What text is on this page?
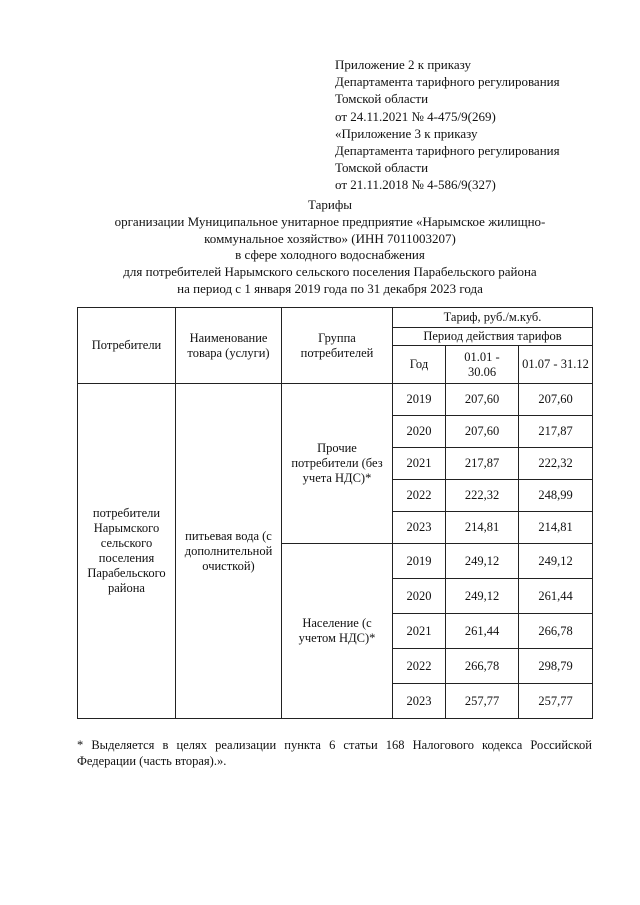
Приложение 2 к приказу
Департамента тарифного регулирования
Томской области
от 24.11.2021 № 4-475/9(269)
«Приложение 3 к приказу
Департамента тарифного регулирования
Томской области
от 21.11.2018 № 4-586/9(327)
Тарифы
организации Муниципальное унитарное предприятие «Нарымское жилищно-
коммунальное хозяйство» (ИНН 7011003207)
в сфере холодного водоснабжения
для потребителей Нарымского сельского поселения Парабельского района
на период с 1 января 2019 года по 31 декабря 2023 года
Потребители	Наименование товара (услуги)	Группа потребителей	Тариф, руб./м.куб.		
			Период действия тарифов		
			Год	01.01 - 30.06	01.07 - 31.12
потребители Нарымского сельского поселения Парабельского района	питьевая вода (с дополнительной очисткой)	Прочие потребители (без учета НДС)*	2019	207,60	207,60
			2020	207,60	217,87
			2021	217,87	222,32
			2022	222,32	248,99
			2023	214,81	214,81
		Население (с учетом НДС)*	2019	249,12	249,12
			2020	249,12	261,44
			2021	261,44	266,78
			2022	266,78	298,79
			2023	257,77	257,77
* Выделяется в целях реализации пункта 6 статьи 168 Налогового кодекса Российской Федерации (часть вторая).».
